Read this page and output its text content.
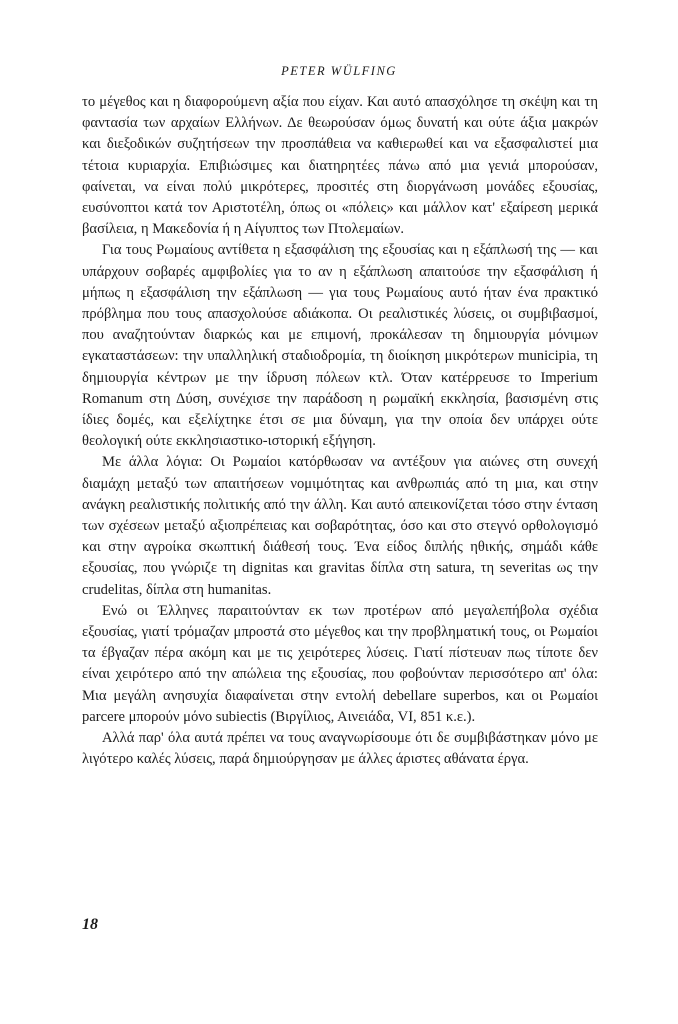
PETER WÜLFING

το μέγεθος και η διαφορούμενη αξία που είχαν. Και αυτό απασχόλησε τη σκέψη και τη φαντασία των αρχαίων Ελλήνων. Δε θεωρούσαν όμως δυνατή και ούτε άξια μακρών και διεξοδικών συζητήσεων την προσπάθεια να καθιερωθεί και να εξασφαλιστεί μια τέτοια κυριαρχία. Επιβιώσιμες και διατηρητέες πάνω από μια γενιά μπορούσαν, φαίνεται, να είναι πολύ μικρότερες, προσιτές στη διοργάνωση μονάδες εξουσίας, ευσύνοπτοι κατά τον Αριστοτέλη, όπως οι «πόλεις» και μάλλον κατ' εξαίρεση μερικά βασίλεια, η Μακεδονία ή η Αίγυπτος των Πτολεμαίων.

Για τους Ρωμαίους αντίθετα η εξασφάλιση της εξουσίας και η εξάπλωσή της — και υπάρχουν σοβαρές αμφιβολίες για το αν η εξάπλωση απαιτούσε την εξασφάλιση ή μήπως η εξασφάλιση την εξάπλωση — για τους Ρωμαίους αυτό ήταν ένα πρακτικό πρόβλημα που τους απασχολούσε αδιάκοπα. Οι ρεαλιστικές λύσεις, οι συμβιβασμοί, που αναζητούνταν διαρκώς και με επιμονή, προκάλεσαν τη δημιουργία μόνιμων εγκαταστάσεων: την υπαλληλική σταδιοδρομία, τη διοίκηση μικρότερων municipia, τη δημιουργία κέντρων με την ίδρυση πόλεων κτλ. Όταν κατέρρευσε το Imperium Romanum στη Δύση, συνέχισε την παράδοση η ρωμαϊκή εκκλησία, βασισμένη στις ίδιες δομές, και εξελίχτηκε έτσι σε μια δύναμη, για την οποία δεν υπάρχει ούτε θεολογική ούτε εκκλησιαστικο-ιστορική εξήγηση.

Με άλλα λόγια: Οι Ρωμαίοι κατόρθωσαν να αντέξουν για αιώνες στη συνεχή διαμάχη μεταξύ των απαιτήσεων νομιμότητας και ανθρωπιάς από τη μια, και στην ανάγκη ρεαλιστικής πολιτικής από την άλλη. Και αυτό απεικονίζεται τόσο στην ένταση των σχέσεων μεταξύ αξιοπρέπειας και σοβαρότητας, όσο και στο στεγνό ορθολογισμό και στην αγροίκα σκωπτική διάθεσή τους. Ένα είδος διπλής ηθικής, σημάδι κάθε εξουσίας, που γνώριζε τη dignitas και gravitas δίπλα στη satura, τη severitas ως την crudelitas, δίπλα στη humanitas.

Ενώ οι Έλληνες παραιτούνταν εκ των προτέρων από μεγαλεπήβολα σχέδια εξουσίας, γιατί τρόμαζαν μπροστά στο μέγεθος και την προβληματική τους, οι Ρωμαίοι τα έβγαζαν πέρα ακόμη και με τις χειρότερες λύσεις. Γιατί πίστευαν πως τίποτε δεν είναι χειρότερο από την απώλεια της εξουσίας, που φοβούνταν περισσότερο απ' όλα: Μια μεγάλη ανησυχία διαφαίνεται στην εντολή debellare superbos, και οι Ρωμαίοι parcere μπορούν μόνο subiectis (Βιργίλιος, Αινειάδα, VI, 851 κ.ε.).

Αλλά παρ' όλα αυτά πρέπει να τους αναγνωρίσουμε ότι δε συμβιβάστηκαν μόνο με λιγότερο καλές λύσεις, παρά δημιούργησαν με άλλες άριστες αθάνατα έργα.

18
